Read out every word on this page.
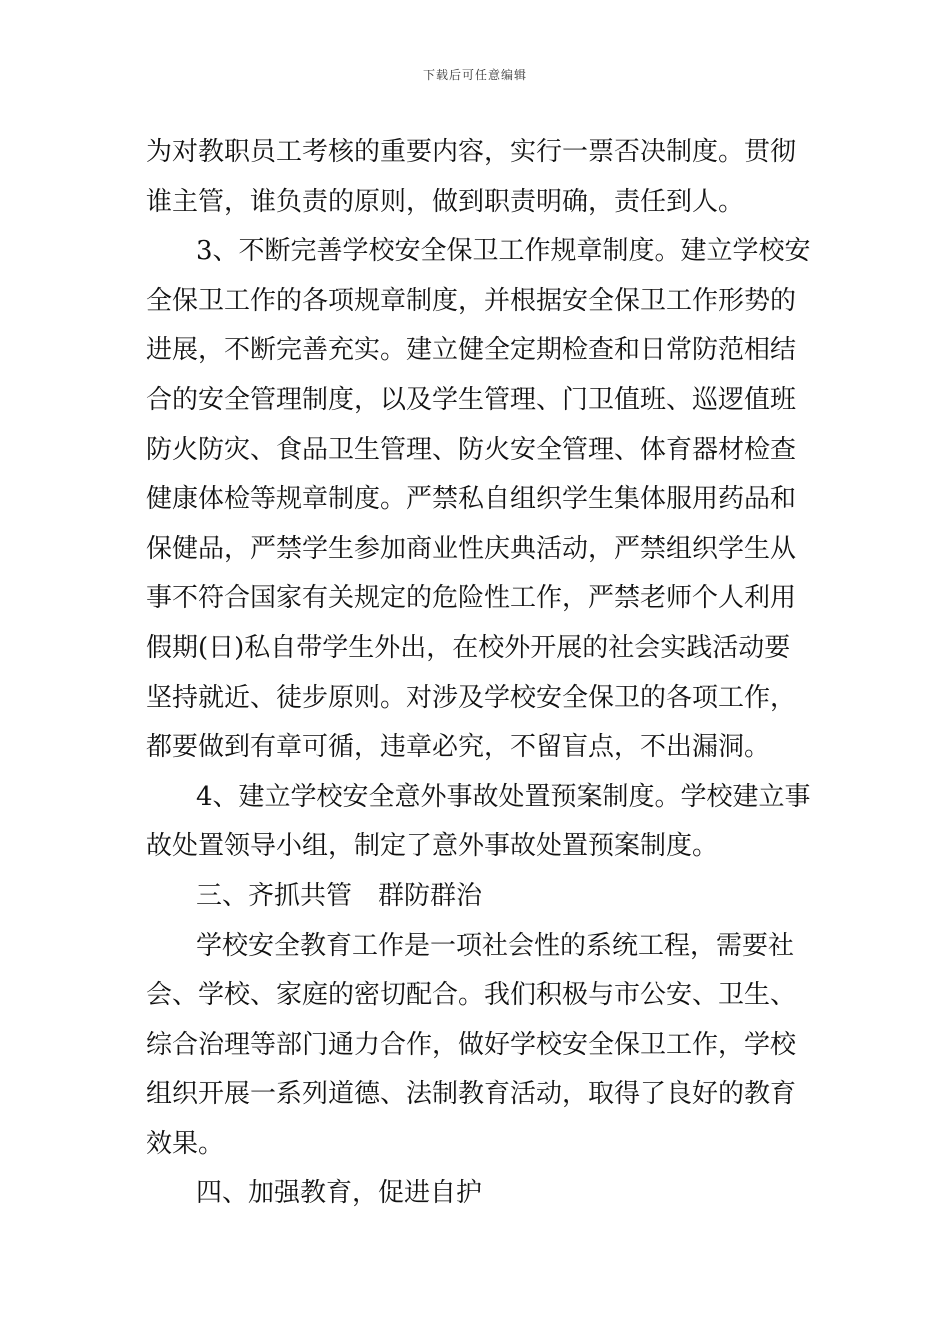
下载后可任意编辑
为对教职员工考核的重要内容，实行一票否决制度。贯彻
谁主管，谁负责的原则，做到职责明确，责任到人。
3、不断完善学校安全保卫工作规章制度。建立学校安
全保卫工作的各项规章制度，并根据安全保卫工作形势的
进展，不断完善充实。建立健全定期检查和日常防范相结
合的安全管理制度，以及学生管理、门卫值班、巡逻值班
防火防灾、食品卫生管理、防火安全管理、体育器材检查
健康体检等规章制度。严禁私自组织学生集体服用药品和
保健品，严禁学生参加商业性庆典活动，严禁组织学生从
事不符合国家有关规定的危险性工作，严禁老师个人利用
假期(日)私自带学生外出，在校外开展的社会实践活动要
坚持就近、徒步原则。对涉及学校安全保卫的各项工作，
都要做到有章可循，违章必究，不留盲点，不出漏洞。
4、建立学校安全意外事故处置预案制度。学校建立事
故处置领导小组，制定了意外事故处置预案制度。
三、齐抓共管　群防群治
学校安全教育工作是一项社会性的系统工程，需要社
会、学校、家庭的密切配合。我们积极与市公安、卫生、
综合治理等部门通力合作，做好学校安全保卫工作，学校
组织开展一系列道德、法制教育活动，取得了良好的教育
效果。
四、加强教育，促进自护
